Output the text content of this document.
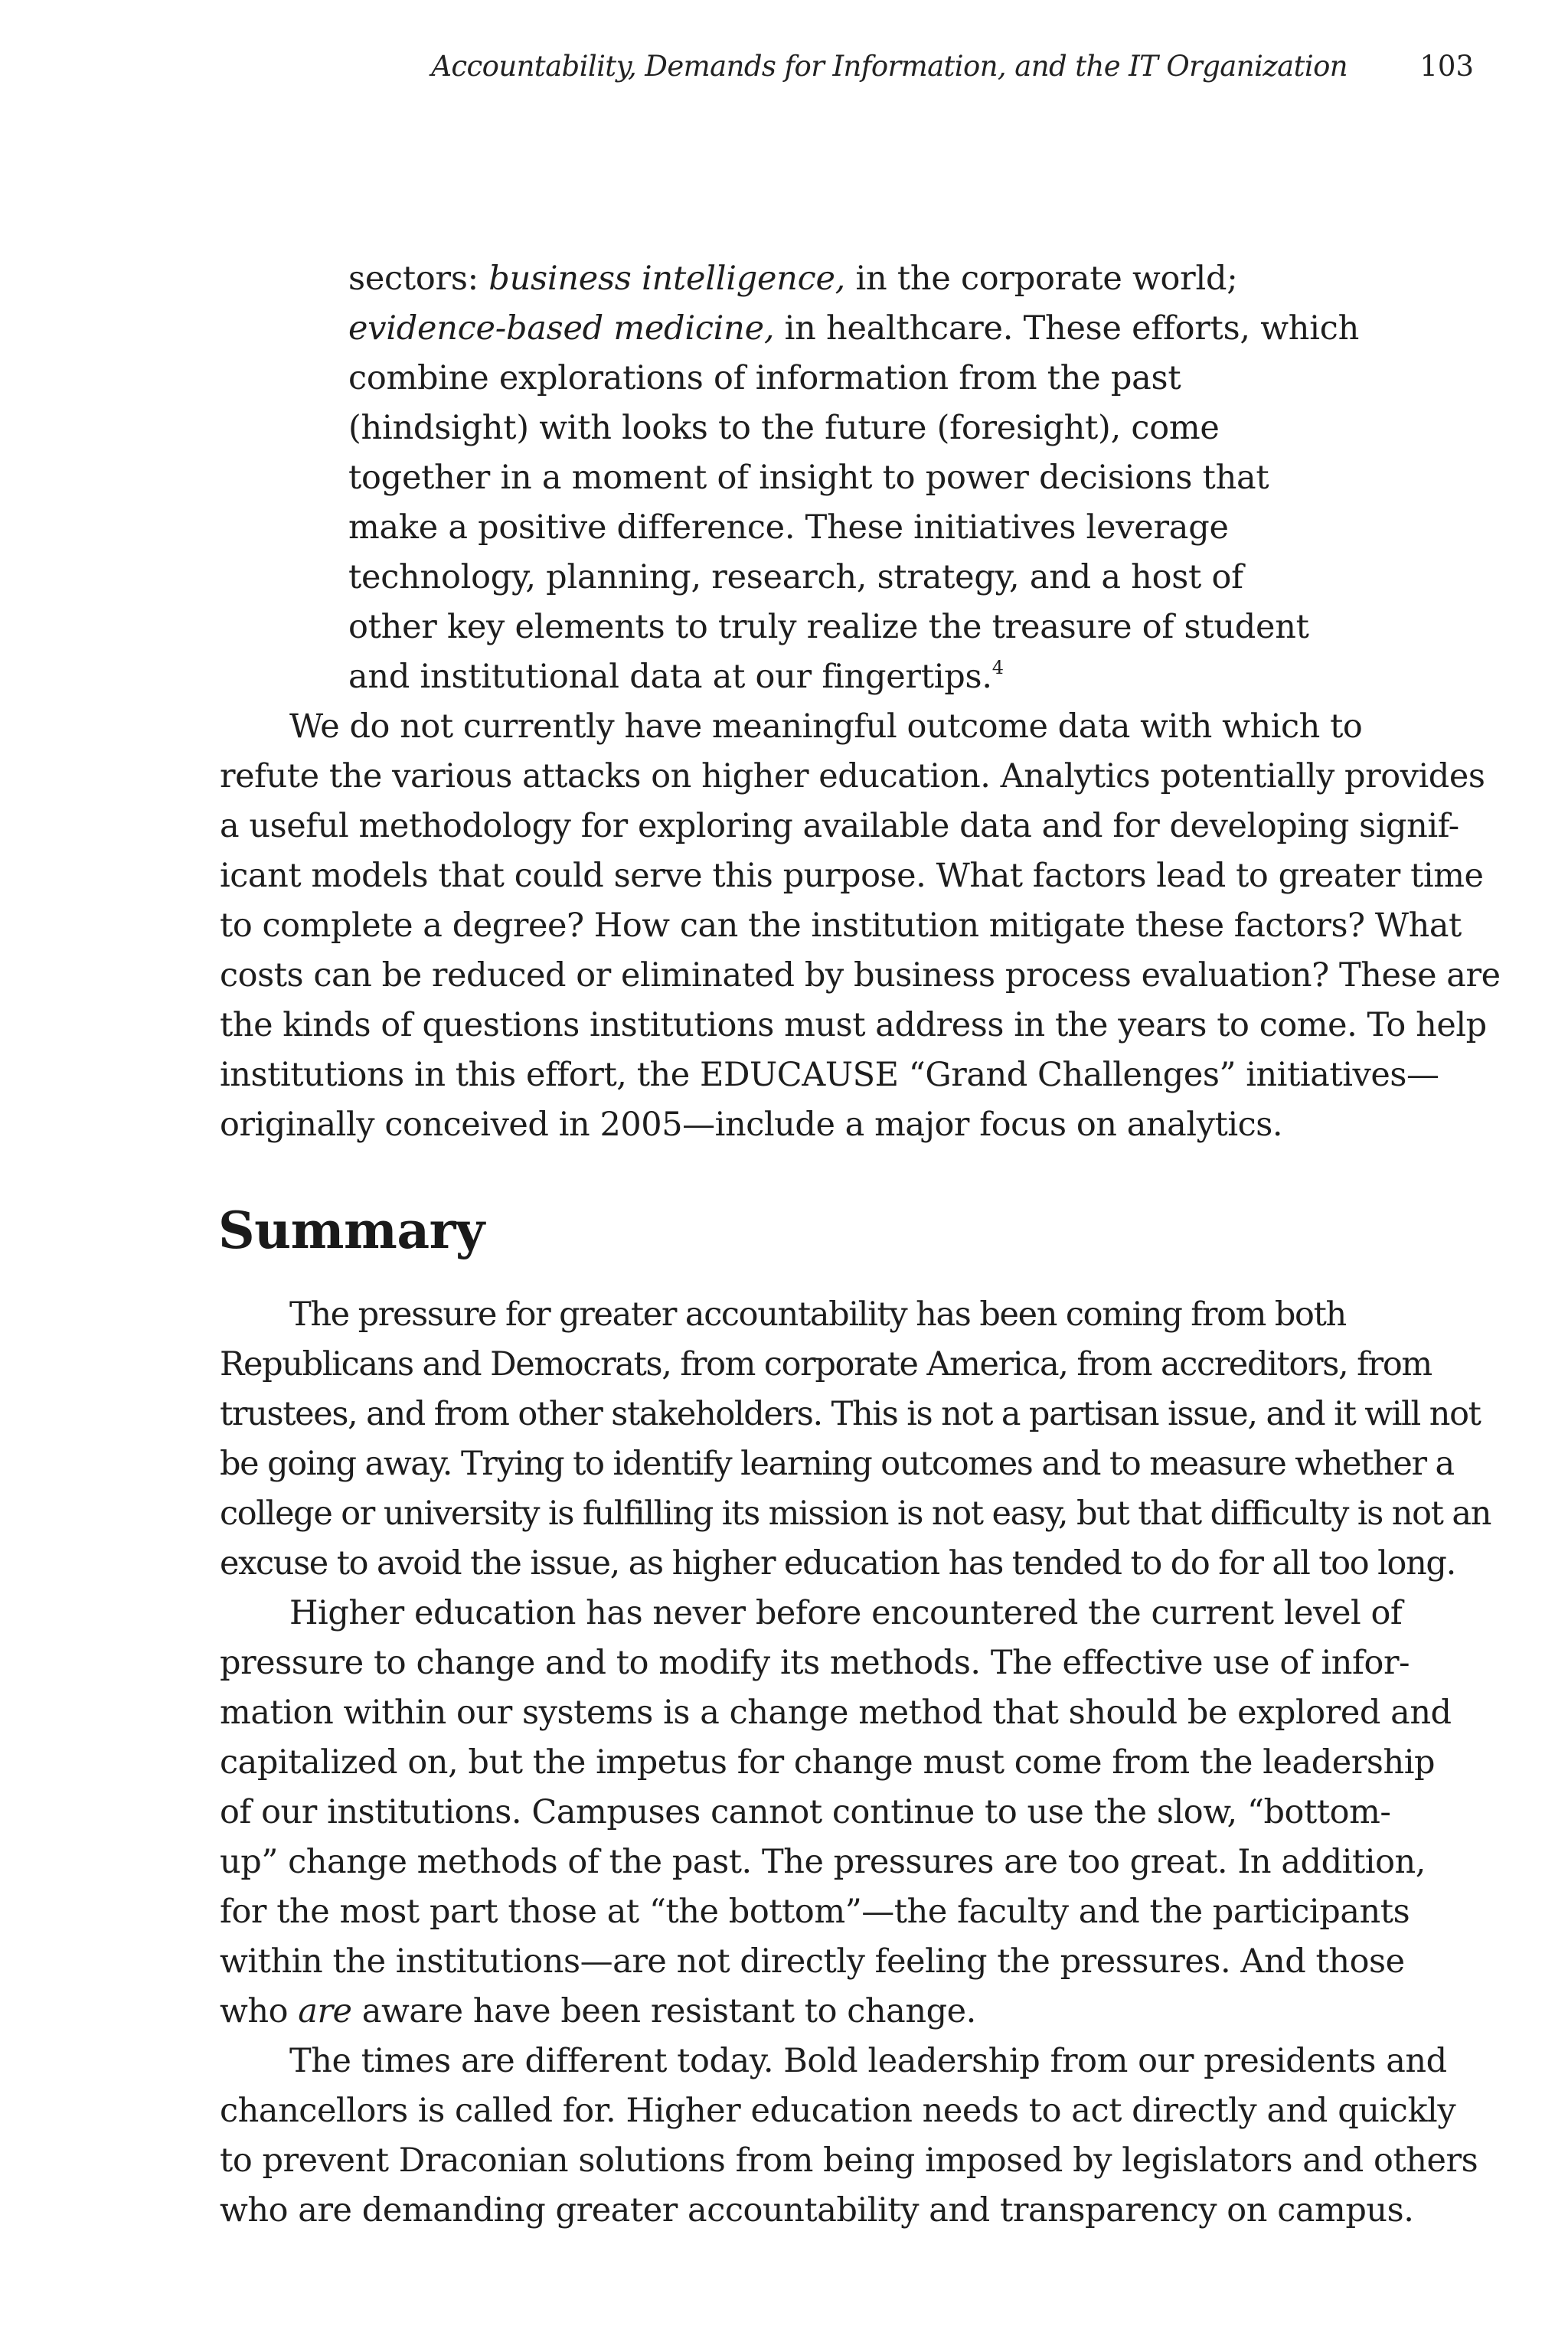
Accountability, Demands for Information, and the IT Organization	103
sectors: business intelligence, in the corporate world;
evidence-based medicine, in healthcare. These efforts, which
combine explorations of information from the past
(hindsight) with looks to the future (foresight), come
together in a moment of insight to power decisions that
make a positive difference. These initiatives leverage
technology, planning, research, strategy, and a host of
other key elements to truly realize the treasure of student
and institutional data at our fingertips.$^4$
We do not currently have meaningful outcome data with which to
refute the various attacks on higher education. Analytics potentially provides
a useful methodology for exploring available data and for developing signif-
icant models that could serve this purpose. What factors lead to greater time
to complete a degree? How can the institution mitigate these factors? What
costs can be reduced or eliminated by business process evaluation? These are
the kinds of questions institutions must address in the years to come. To help
institutions in this effort, the EDUCAUSE “Grand Challenges” initiatives—
originally conceived in 2005—include a major focus on analytics.
Summary
The pressure for greater accountability has been coming from both
Republicans and Democrats, from corporate America, from accreditors, from
trustees, and from other stakeholders. This is not a partisan issue, and it will not
be going away. Trying to identify learning outcomes and to measure whether a
college or university is fulfilling its mission is not easy, but that difficulty is not an
excuse to avoid the issue, as higher education has tended to do for all too long.
Higher education has never before encountered the current level of
pressure to change and to modify its methods. The effective use of infor-
mation within our systems is a change method that should be explored and
capitalized on, but the impetus for change must come from the leadership
of our institutions. Campuses cannot continue to use the slow, “bottom-
up” change methods of the past. The pressures are too great. In addition,
for the most part those at “the bottom”—the faculty and the participants
within the institutions—are not directly feeling the pressures. And those
who are aware have been resistant to change.
The times are different today. Bold leadership from our presidents and
chancellors is called for. Higher education needs to act directly and quickly
to prevent Draconian solutions from being imposed by legislators and others
who are demanding greater accountability and transparency on campus.
